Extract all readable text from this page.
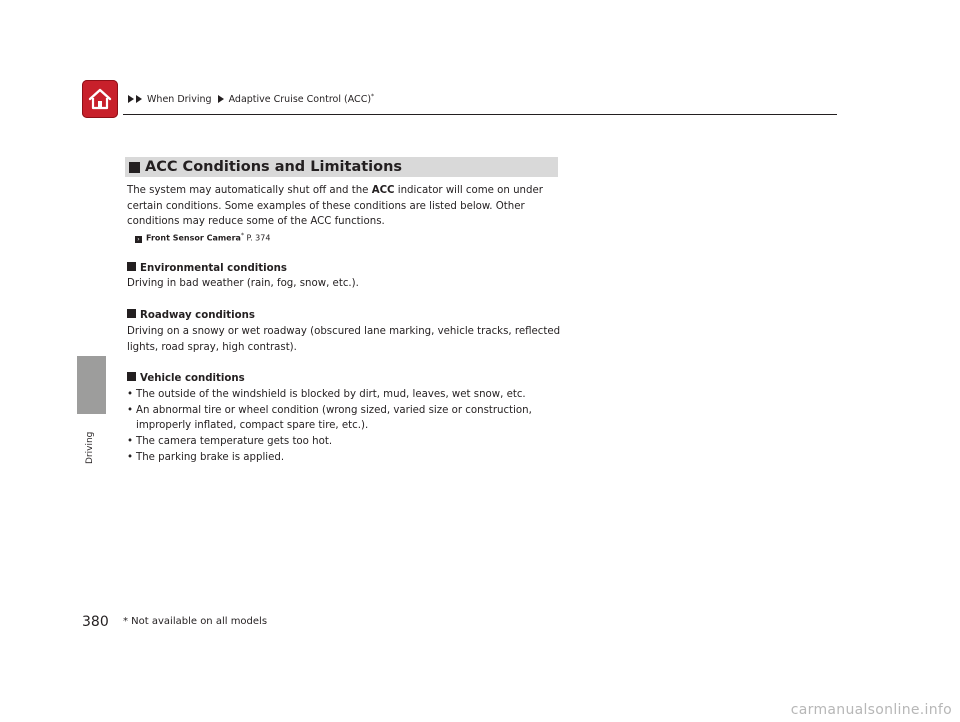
When Driving Adaptive Cruise Control (ACC)*
Driving
ACC Conditions and Limitations

The system may automatically shut off and the ACC indicator will come on under certain conditions. Some examples of these conditions are listed below. Other conditions may reduce some of the ACC functions.

› Front Sensor Camera* P. 374

Environmental conditions

Driving in bad weather (rain, fog, snow, etc.).

Roadway conditions

Driving on a snowy or wet roadway (obscured lane marking, vehicle tracks, reflected lights, road spray, high contrast).

Vehicle conditions

• The outside of the windshield is blocked by dirt, mud, leaves, wet snow, etc.
• An abnormal tire or wheel condition (wrong sized, varied size or construction, improperly inflated, compact spare tire, etc.).
• The camera temperature gets too hot.
• The parking brake is applied.
380 * Not available on all models
carmanualsonline.info
